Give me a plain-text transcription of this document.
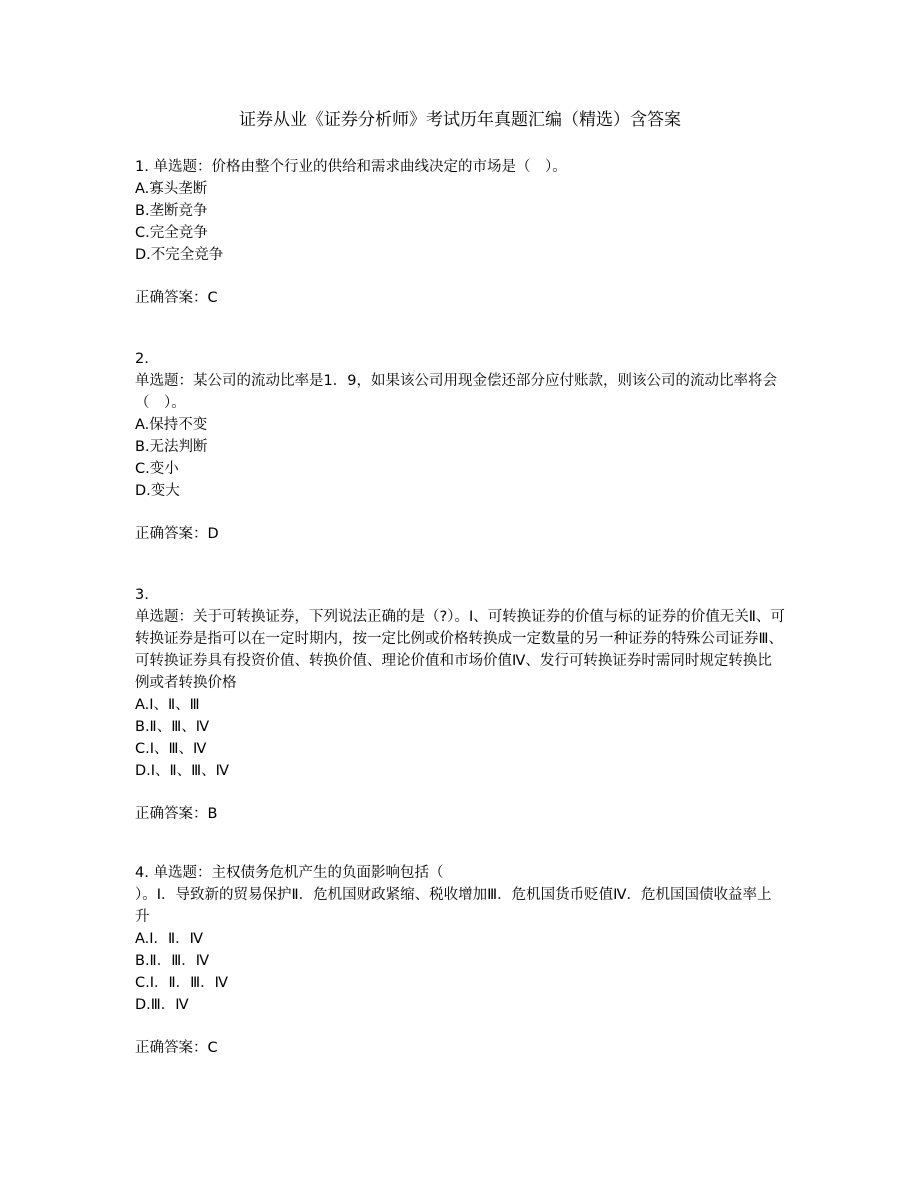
证券从业《证券分析师》考试历年真题汇编（精选）含答案
1. 单选题：价格由整个行业的供给和需求曲线决定的市场是（　）。
A.寡头垄断
B.垄断竞争
C.完全竞争
D.不完全竞争
正确答案：C
2.
单选题：某公司的流动比率是1．9，如果该公司用现金偿还部分应付账款，则该公司的流动比率将会（　）。
A.保持不变
B.无法判断
C.变小
D.变大
正确答案：D
3.
单选题：关于可转换证券，下列说法正确的是（?）。Ⅰ、可转换证券的价值与标的证券的价值无关Ⅱ、可转换证券是指可以在一定时期内，按一定比例或价格转换成一定数量的另一种证券的特殊公司证券Ⅲ、可转换证券具有投资价值、转换价值、理论价值和市场价值Ⅳ、发行可转换证券时需同时规定转换比例或者转换价格
A.Ⅰ、Ⅱ、Ⅲ
B.Ⅱ、Ⅲ、Ⅳ
C.Ⅰ、Ⅲ、Ⅳ
D.Ⅰ、Ⅱ、Ⅲ、Ⅳ
正确答案：B
4. 单选题：主权债务危机产生的负面影响包括（
）。Ⅰ．导致新的贸易保护Ⅱ．危机国财政紧缩、税收增加Ⅲ．危机国货币贬值Ⅳ．危机国国债收益率上升
A.Ⅰ．Ⅱ．Ⅳ
B.Ⅱ．Ⅲ．Ⅳ
C.Ⅰ．Ⅱ．Ⅲ．Ⅳ
D.Ⅲ．Ⅳ
正确答案：C
